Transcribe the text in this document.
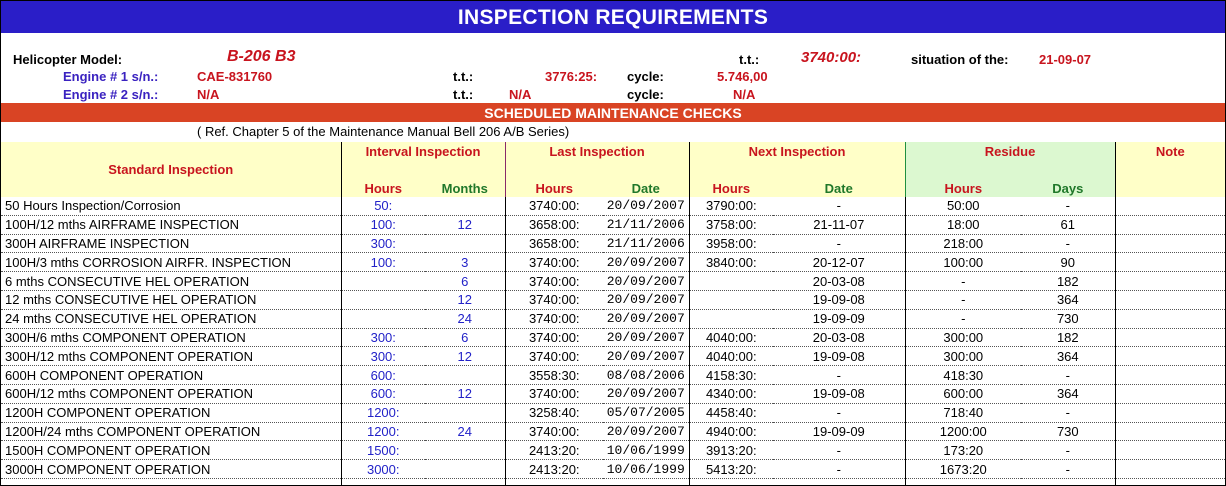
INSPECTION REQUIREMENTS
Helicopter Model:	B-206 B3	t.t.:	3740:00:	situation of the: 21-09-07
Engine # 1 s/n.:	CAE-831760	t.t.:	3776:25: cycle:	5.746,00
Engine # 2 s/n.:	N/A	t.t.:	N/A	cycle:	N/A
SCHEDULED MAINTENANCE CHECKS
( Ref. Chapter 5 of the Maintenance Manual Bell 206 A/B Series)
Standard Inspection	Interval Inspection		Last Inspection		Next Inspection		Residue		Note
	Hours	Months	Hours	Date	Hours	Date	Hours	Days	
50 Hours Inspection/Corrosion	50:		3740:00:	20/09/2007	3790:00:	-	50:00	-	
100H/12 mths AIRFRAME INSPECTION	100:	12	3658:00:	21/11/2006	3758:00:	21-11-07	18:00	61	
300H AIRFRAME INSPECTION	300:		3658:00:	21/11/2006	3958:00:	-	218:00	-	
100H/3 mths CORROSION AIRFR. INSPECTION	100:	3	3740:00:	20/09/2007	3840:00:	20-12-07	100:00	90	
6 mths CONSECUTIVE HEL OPERATION		6	3740:00:	20/09/2007		20-03-08	-	182	
12 mths CONSECUTIVE HEL OPERATION		12	3740:00:	20/09/2007		19-09-08	-	364	
24 mths CONSECUTIVE HEL OPERATION		24	3740:00:	20/09/2007		19-09-09	-	730	
300H/6 mths COMPONENT OPERATION	300:	6	3740:00:	20/09/2007	4040:00:	20-03-08	300:00	182	
300H/12 mths COMPONENT OPERATION	300:	12	3740:00:	20/09/2007	4040:00:	19-09-08	300:00	364	
600H COMPONENT OPERATION	600:		3558:30:	08/08/2006	4158:30:	-	418:30	-	
600H/12 mths COMPONENT OPERATION	600:	12	3740:00:	20/09/2007	4340:00:	19-09-08	600:00	364	
1200H COMPONENT OPERATION	1200:		3258:40:	05/07/2005	4458:40:	-	718:40	-	
1200H/24 mths COMPONENT OPERATION	1200:	24	3740:00:	20/09/2007	4940:00:	19-09-09	1200:00	730	
1500H COMPONENT OPERATION	1500:		2413:20:	10/06/1999	3913:20:	-	173:20	-	
3000H COMPONENT OPERATION	3000:		2413:20:	10/06/1999	5413:20:	-	1673:20	-	
